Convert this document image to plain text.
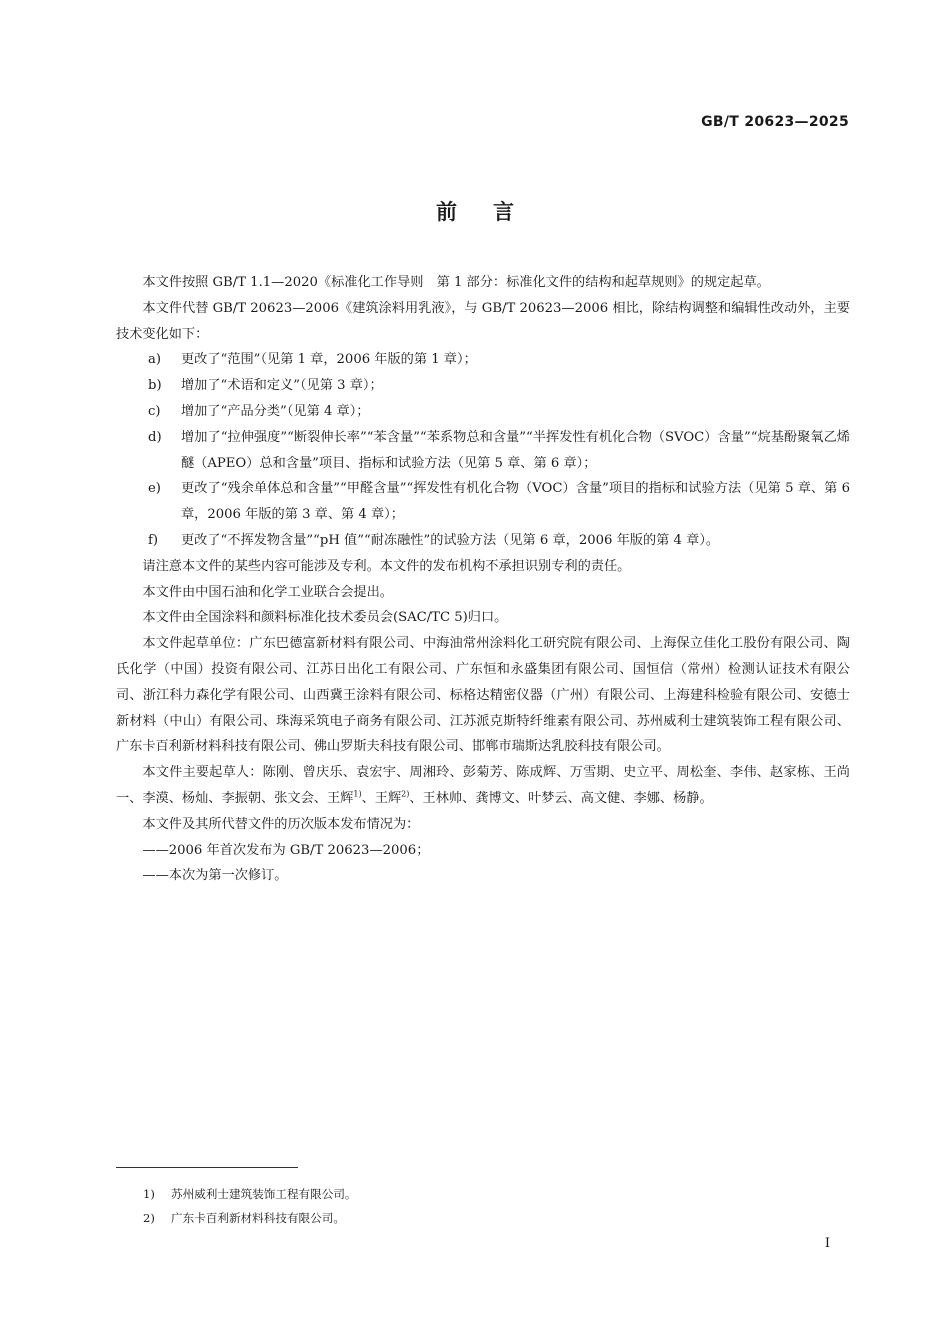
GB/T 20623—2025
前言

本文件按照 GB/T 1.1—2020《标准化工作导则　第 1 部分：标准化文件的结构和起草规则》的规定起草。

本文件代替 GB/T 20623—2006《建筑涂料用乳液》，与 GB/T 20623—2006 相比，除结构调整和编辑性改动外，主要技术变化如下：

a) 更改了“范围”（见第 1 章，2006 年版的第 1 章）；

b) 增加了“术语和定义”（见第 3 章）；

c) 增加了“产品分类”（见第 4 章）；

d) 增加了“拉伸强度”“断裂伸长率”“苯含量”“苯系物总和含量”“半挥发性有机化合物（SVOC）含量”“烷基酚聚氧乙烯醚（APEO）总和含量”项目、指标和试验方法（见第 5 章、第 6 章）；

e) 更改了“残余单体总和含量”“甲醛含量”“挥发性有机化合物（VOC）含量”项目的指标和试验方法（见第 5 章、第 6 章，2006 年版的第 3 章、第 4 章）；

f) 更改了“不挥发物含量”“pH 值”“耐冻融性”的试验方法（见第 6 章，2006 年版的第 4 章）。

请注意本文件的某些内容可能涉及专利。本文件的发布机构不承担识别专利的责任。

本文件由中国石油和化学工业联合会提出。

本文件由全国涂料和颜料标准化技术委员会(SAC/TC 5)归口。

本文件起草单位：广东巴德富新材料有限公司、中海油常州涂料化工研究院有限公司、上海保立佳化工股份有限公司、陶氏化学（中国）投资有限公司、江苏日出化工有限公司、广东恒和永盛集团有限公司、国恒信（常州）检测认证技术有限公司、浙江科力森化学有限公司、山西冀王涂料有限公司、标格达精密仪器（广州）有限公司、上海建科检验有限公司、安德士新材料（中山）有限公司、珠海采筑电子商务有限公司、江苏派克斯特纤维素有限公司、苏州威利士建筑装饰工程有限公司、广东卡百利新材料科技有限公司、佛山罗斯夫科技有限公司、邯郸市瑞斯达乳胶科技有限公司。

本文件主要起草人：陈刚、曾庆乐、袁宏宇、周湘玲、彭菊芳、陈成辉、万雪期、史立平、周松奎、李伟、赵家栋、王尚一、李漠、杨灿、李振朝、张文会、王辉$^{1)}$、王辉$^{2)}$、王林帅、龚博文、叶梦云、高文健、李娜、杨静。

本文件及其所代替文件的历次版本发布情况为：

——2006 年首次发布为 GB/T 20623—2006；

——本次为第一次修订。

1) 苏州威利士建筑装饰工程有限公司。
2) 广东卡百利新材料科技有限公司。
I
